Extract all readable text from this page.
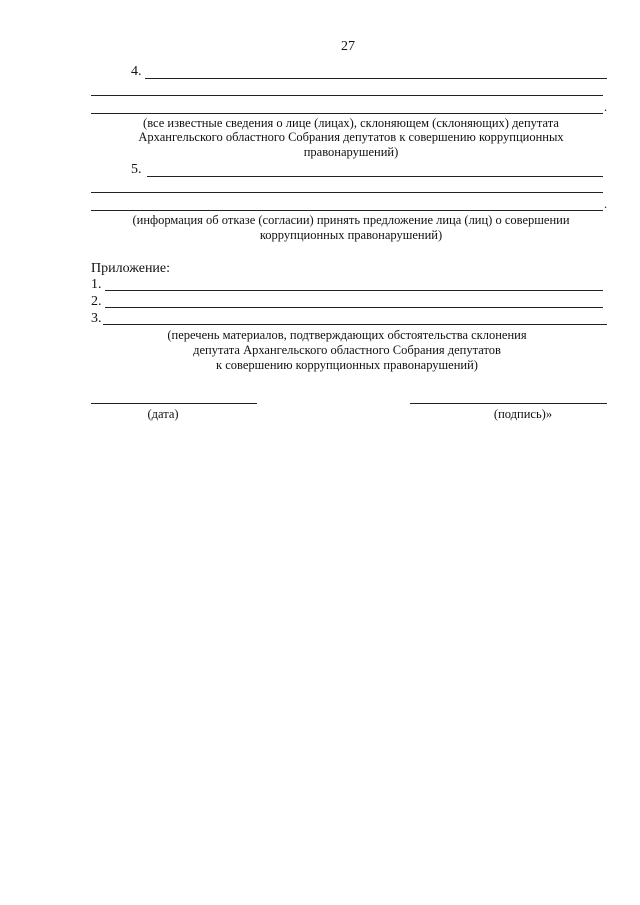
27
4.
.
(все известные сведения о лице (лицах), склоняющем (склоняющих) депутата
Архангельского областного Собрания депутатов к совершению коррупционных
правонарушений)
5.
.
(информация об отказе (согласии) принять предложение лица (лиц) о совершении
коррупционных правонарушений)
Приложение:
1.
2.
3.
(перечень материалов, подтверждающих обстоятельства склонения
депутата Архангельского областного Собрания депутатов
к совершению коррупционных правонарушений)
(дата)	(подпись)»
